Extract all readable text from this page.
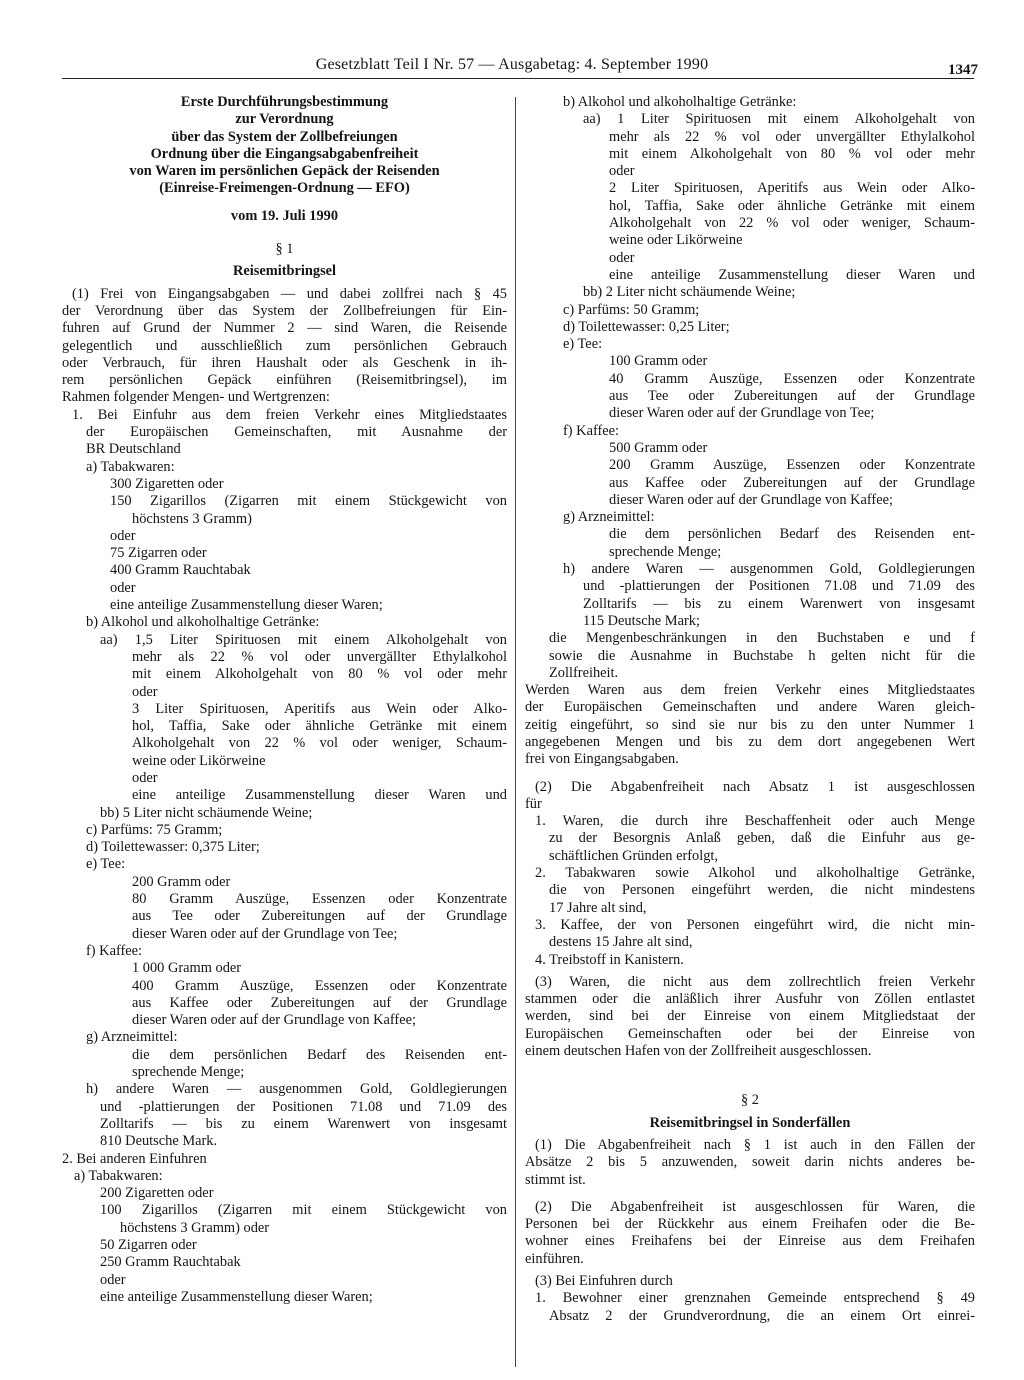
Gesetzblatt Teil I Nr. 57 — Ausgabetag: 4. September 1990	1347
Erste Durchführungsbestimmung
zur Verordnung
über das System der Zollbefreiungen
Ordnung über die Eingangsabgabenfreiheit
von Waren im persönlichen Gepäck der Reisenden
(Einreise-Freimengen-Ordnung — EFO)
vom 19. Juli 1990
§ 1
Reisemitbringsel
(1) Frei von Eingangsabgaben — und dabei zollfrei nach § 45
der Verordnung über das System der Zollbefreiungen für Ein-
fuhren auf Grund der Nummer 2 — sind Waren, die Reisende
gelegentlich und ausschließlich zum persönlichen Gebrauch
oder Verbrauch, für ihren Haushalt oder als Geschenk in ih-
rem persönlichen Gepäck einführen (Reisemitbringsel), im
Rahmen folgender Mengen- und Wertgrenzen:
1. Bei Einfuhr aus dem freien Verkehr eines Mitgliedstaates
der Europäischen Gemeinschaften, mit Ausnahme der
BR Deutschland
a) Tabakwaren:
300 Zigaretten oder
150 Zigarillos (Zigarren mit einem Stückgewicht von
höchstens 3 Gramm)
oder
75 Zigarren oder
400 Gramm Rauchtabak
oder
eine anteilige Zusammenstellung dieser Waren;
b) Alkohol und alkoholhaltige Getränke:
aa) 1,5 Liter Spirituosen mit einem Alkoholgehalt von
mehr als 22 % vol oder unvergällter Ethylalkohol
mit einem Alkoholgehalt von 80 % vol oder mehr
oder
3 Liter Spirituosen, Aperitifs aus Wein oder Alko-
hol, Taffia, Sake oder ähnliche Getränke mit einem
Alkoholgehalt von 22 % vol oder weniger, Schaum-
weine oder Likörweine
oder
eine anteilige Zusammenstellung dieser Waren und
bb) 5 Liter nicht schäumende Weine;
c) Parfüms: 75 Gramm;
d) Toilettewasser: 0,375 Liter;
e) Tee:
200 Gramm oder
80 Gramm Auszüge, Essenzen oder Konzentrate
aus Tee oder Zubereitungen auf der Grundlage
dieser Waren oder auf der Grundlage von Tee;
f) Kaffee:
1 000 Gramm oder
400 Gramm Auszüge, Essenzen oder Konzentrate
aus Kaffee oder Zubereitungen auf der Grundlage
dieser Waren oder auf der Grundlage von Kaffee;
g) Arzneimittel:
die dem persönlichen Bedarf des Reisenden ent-
sprechende Menge;
h) andere Waren — ausgenommen Gold, Goldlegierungen
und -plattierungen der Positionen 71.08 und 71.09 des
Zolltarifs — bis zu einem Warenwert von insgesamt
810 Deutsche Mark.
2. Bei anderen Einfuhren
a) Tabakwaren:
200 Zigaretten oder
100 Zigarillos (Zigarren mit einem Stückgewicht von
höchstens 3 Gramm) oder
50 Zigarren oder
250 Gramm Rauchtabak
oder
eine anteilige Zusammenstellung dieser Waren;
b) Alkohol und alkoholhaltige Getränke:
aa) 1 Liter Spirituosen mit einem Alkoholgehalt von
mehr als 22 % vol oder unvergällter Ethylalkohol
mit einem Alkoholgehalt von 80 % vol oder mehr
oder
2 Liter Spirituosen, Aperitifs aus Wein oder Alko-
hol, Taffia, Sake oder ähnliche Getränke mit einem
Alkoholgehalt von 22 % vol oder weniger, Schaum-
weine oder Likörweine
oder
eine anteilige Zusammenstellung dieser Waren und
bb) 2 Liter nicht schäumende Weine;
c) Parfüms: 50 Gramm;
d) Toilettewasser: 0,25 Liter;
e) Tee:
100 Gramm oder
40 Gramm Auszüge, Essenzen oder Konzentrate
aus Tee oder Zubereitungen auf der Grundlage
dieser Waren oder auf der Grundlage von Tee;
f) Kaffee:
500 Gramm oder
200 Gramm Auszüge, Essenzen oder Konzentrate
aus Kaffee oder Zubereitungen auf der Grundlage
dieser Waren oder auf der Grundlage von Kaffee;
g) Arzneimittel:
die dem persönlichen Bedarf des Reisenden ent-
sprechende Menge;
h) andere Waren — ausgenommen Gold, Goldlegierungen
und -plattierungen der Positionen 71.08 und 71.09 des
Zolltarifs — bis zu einem Warenwert von insgesamt
115 Deutsche Mark;
die Mengenbeschränkungen in den Buchstaben e und f
sowie die Ausnahme in Buchstabe h gelten nicht für die
Zollfreiheit.
Werden Waren aus dem freien Verkehr eines Mitgliedstaates
der Europäischen Gemeinschaften und andere Waren gleich-
zeitig eingeführt, so sind sie nur bis zu den unter Nummer 1
angegebenen Mengen und bis zu dem dort angegebenen Wert
frei von Eingangsabgaben.
(2) Die Abgabenfreiheit nach Absatz 1 ist ausgeschlossen
für
1. Waren, die durch ihre Beschaffenheit oder auch Menge
zu der Besorgnis Anlaß geben, daß die Einfuhr aus ge-
schäftlichen Gründen erfolgt,
2. Tabakwaren sowie Alkohol und alkoholhaltige Getränke,
die von Personen eingeführt werden, die nicht mindestens
17 Jahre alt sind,
3. Kaffee, der von Personen eingeführt wird, die nicht min-
destens 15 Jahre alt sind,
4. Treibstoff in Kanistern.
(3) Waren, die nicht aus dem zollrechtlich freien Verkehr
stammen oder die anläßlich ihrer Ausfuhr von Zöllen entlastet
werden, sind bei der Einreise von einem Mitgliedstaat der
Europäischen Gemeinschaften oder bei der Einreise von
einem deutschen Hafen von der Zollfreiheit ausgeschlossen.
§ 2
Reisemitbringsel in Sonderfällen
(1) Die Abgabenfreiheit nach § 1 ist auch in den Fällen der
Absätze 2 bis 5 anzuwenden, soweit darin nichts anderes be-
stimmt ist.
(2) Die Abgabenfreiheit ist ausgeschlossen für Waren, die
Personen bei der Rückkehr aus einem Freihafen oder die Be-
wohner eines Freihafens bei der Einreise aus dem Freihafen
einführen.
(3) Bei Einfuhren durch
1. Bewohner einer grenznahen Gemeinde entsprechend § 49
Absatz 2 der Grundverordnung, die an einem Ort einrei-
